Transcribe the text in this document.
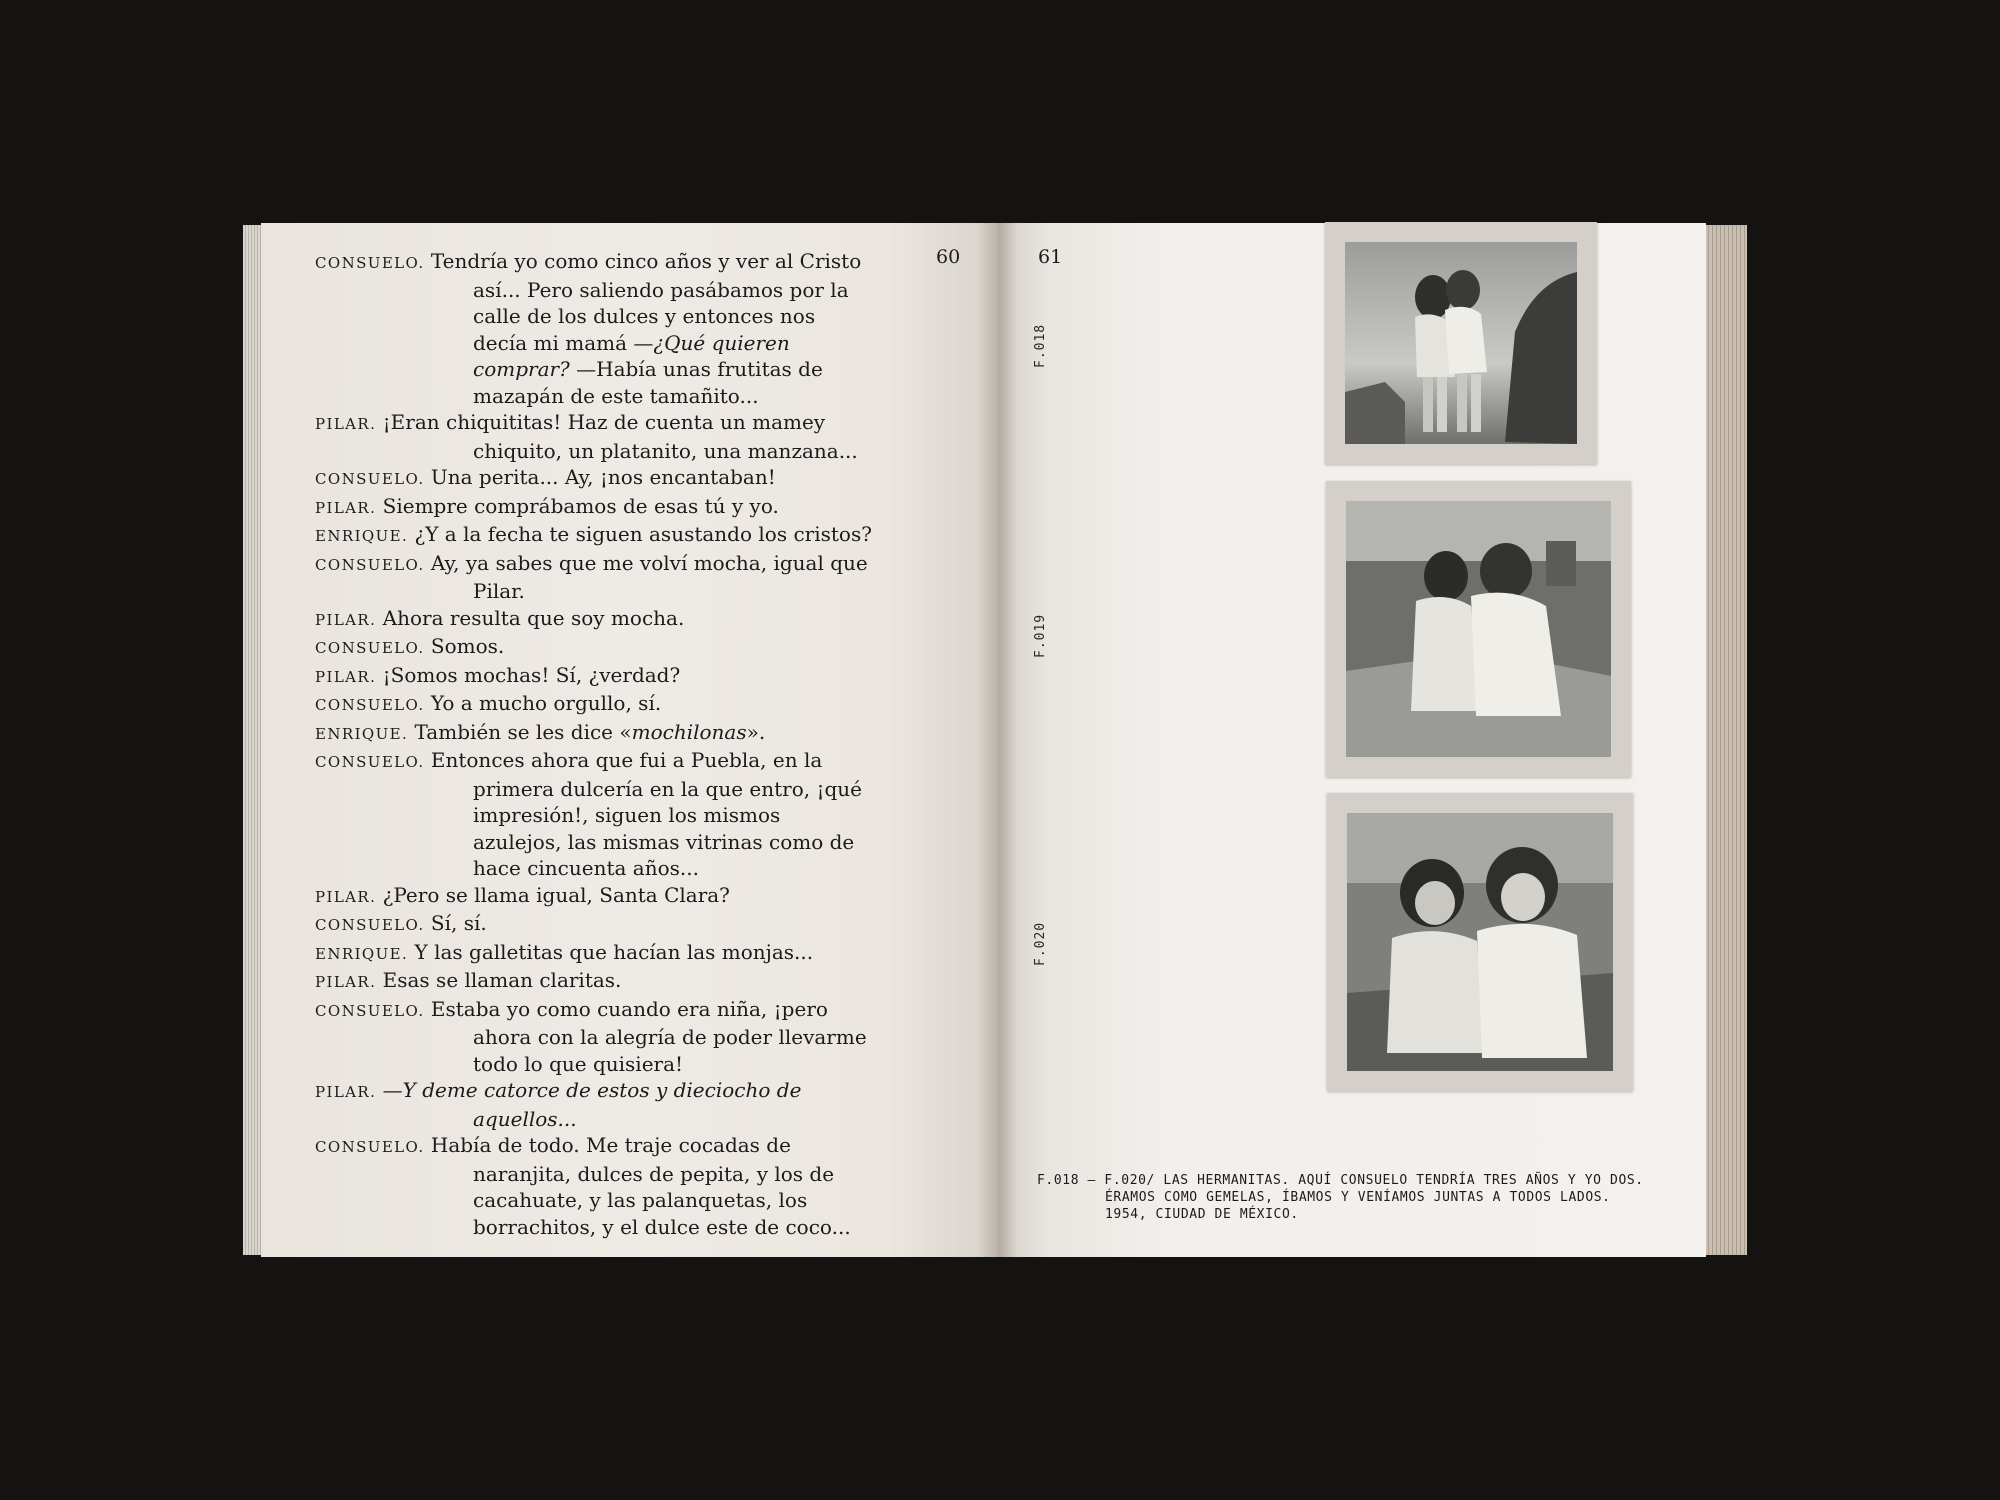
60	61
CONSUELO. Tendría yo como cinco años y ver al Cristo así... Pero saliendo pasábamos por la calle de los dulces y entonces nos decía mi mamá —¿Qué quieren comprar? —Había unas frutitas de mazapán de este tamañito...
PILAR. ¡Eran chiquititas! Haz de cuenta un mamey chiquito, un platanito, una manzana...
CONSUELO. Una perita... Ay, ¡nos encantaban!
PILAR. Siempre comprábamos de esas tú y yo.
ENRIQUE. ¿Y a la fecha te siguen asustando los cristos?
CONSUELO. Ay, ya sabes que me volví mocha, igual que Pilar.
PILAR. Ahora resulta que soy mocha.
CONSUELO. Somos.
PILAR. ¡Somos mochas! Sí, ¿verdad?
CONSUELO. Yo a mucho orgullo, sí.
ENRIQUE. También se les dice «mochilonas».
CONSUELO. Entonces ahora que fui a Puebla, en la primera dulcería en la que entro, ¡qué impresión!, siguen los mismos azulejos, las mismas vitrinas como de hace cincuenta años...
PILAR. ¿Pero se llama igual, Santa Clara?
CONSUELO. Sí, sí.
ENRIQUE. Y las galletitas que hacían las monjas...
PILAR. Esas se llaman claritas.
CONSUELO. Estaba yo como cuando era niña, ¡pero ahora con la alegría de poder llevarme todo lo que quisiera!
PILAR. —Y deme catorce de estos y dieciocho de aquellos...
CONSUELO. Había de todo. Me traje cocadas de naranjita, dulces de pepita, y los de cacahuate, y las palanquetas, los borrachitos, y el dulce este de coco...
F.018
F.019
F.020
F.018 – F.020/ LAS HERMANITAS. AQUÍ CONSUELO TENDRÍA TRES AÑOS Y YO DOS.
ÉRAMOS COMO GEMELAS, ÍBAMOS Y VENÍAMOS JUNTAS A TODOS LADOS.
1954, CIUDAD DE MÉXICO.
